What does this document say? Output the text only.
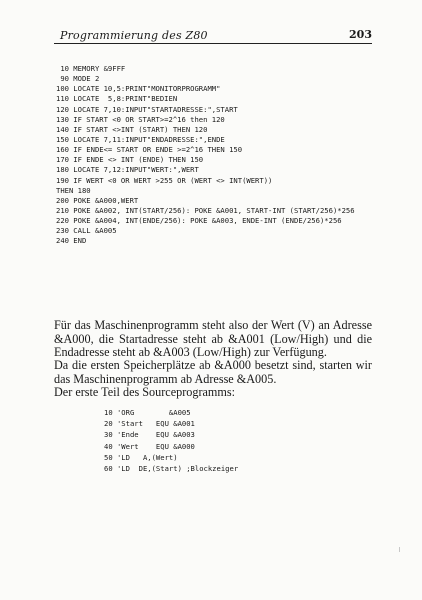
Programmierung des Z80	203
10 MEMORY &9FFF
90 MODE 2
100 LOCATE 10,5:PRINT"MONITORPROGRAMM"
110 LOCATE  5,8:PRINT"BEDIEN
120 LOCATE 7,10:INPUT"STARTADRESSE:",START
130 IF START <0 OR START>=2^16 then 120
140 IF START <>INT (START) THEN 120
150 LOCATE 7,11:INPUT"ENDADRESSE:",ENDE
160 IF ENDE<= START OR ENDE >=2^16 THEN 150
170 IF ENDE <> INT (ENDE) THEN 150
180 LOCATE 7,12:INPUT"WERT:",WERT
190 IF WERT <0 OR WERT >255 OR (WERT <> INT(WERT))
THEN 180
200 POKE &A000,WERT
210 POKE &A002, INT(START/256): POKE &A001, START-INT (START/256)*256
220 POKE &A004, INT(ENDE/256): POKE &A003, ENDE-INT (ENDE/256)*256
230 CALL &A005
240 END

Für das Maschinenprogramm steht also der Wert (V) an Adresse &A000, die Startadresse steht ab &A001 (Low/High) und die Endadresse steht ab &A003 (Low/High) zur Verfügung.

Da die ersten Speicherplätze ab &A000 besetzt sind, starten wir das Maschinenprogramm ab Adresse &A005.
Der erste Teil des Sourceprogramms:
10 'ORG        &A005
20 'Start   EQU &A001
30 'Ende    EQU &A003
40 'Wert    EQU &A000
50 'LD   A,(Wert)
60 'LD  DE,(Start) ;Blockzeiger
